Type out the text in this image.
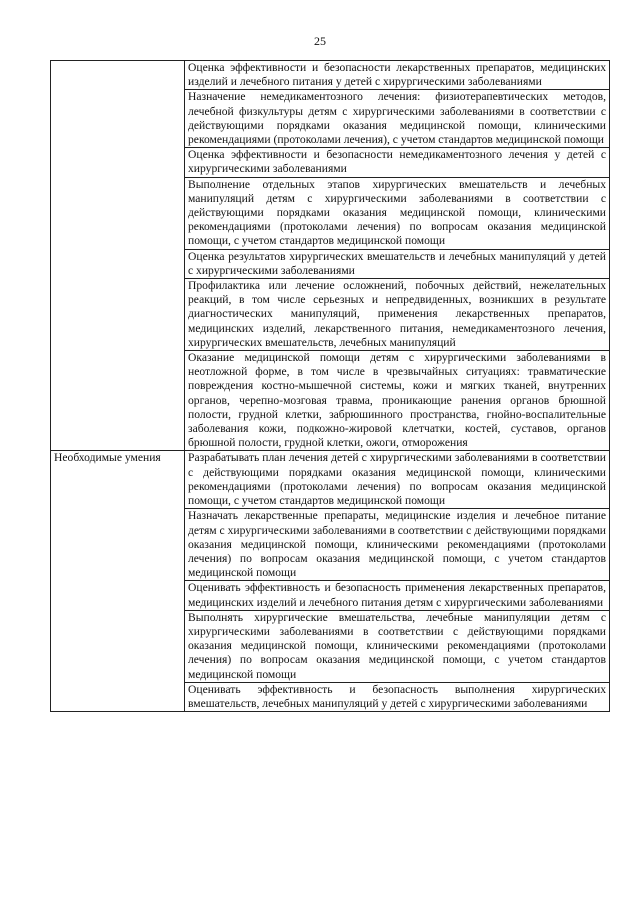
25
	Оценка эффективности и безопасности лекарственных препаратов, медицинских изделий и лечебного питания у детей с хирургическими заболеваниями
	Назначение немедикаментозного лечения: физиотерапевтических методов, лечебной физкультуры детям с хирургическими заболеваниями в соответствии с действующими порядками оказания медицинской помощи, клиническими рекомендациями (протоколами лечения), с учетом стандартов медицинской помощи
	Оценка эффективности и безопасности немедикаментозного лечения у детей с хирургическими заболеваниями
	Выполнение отдельных этапов хирургических вмешательств и лечебных манипуляций детям с хирургическими заболеваниями в соответствии с действующими порядками оказания медицинской помощи, клиническими рекомендациями (протоколами лечения) по вопросам оказания медицинской помощи, с учетом стандартов медицинской помощи
	Оценка результатов хирургических вмешательств и лечебных манипуляций у детей с хирургическими заболеваниями
	Профилактика или лечение осложнений, побочных действий, нежелательных реакций, в том числе серьезных и непредвиденных, возникших в результате диагностических манипуляций, применения лекарственных препаратов, медицинских изделий, лекарственного питания, немедикаментозного лечения, хирургических вмешательств, лечебных манипуляций
	Оказание медицинской помощи детям с хирургическими заболеваниями в неотложной форме, в том числе в чрезвычайных ситуациях: травматические повреждения костно-мышечной системы, кожи и мягких тканей, внутренних органов, черепно-мозговая травма, проникающие ранения органов брюшной полости, грудной клетки, забрюшинного пространства, гнойно-воспалительные заболевания кожи, подкожно-жировой клетчатки, костей, суставов, органов брюшной полости, грудной клетки, ожоги, отморожения
Необходимые умения	Разрабатывать план лечения детей с хирургическими заболеваниями в соответствии с действующими порядками оказания медицинской помощи, клиническими рекомендациями (протоколами лечения) по вопросам оказания медицинской помощи, с учетом стандартов медицинской помощи
	Назначать лекарственные препараты, медицинские изделия и лечебное питание детям с хирургическими заболеваниями в соответствии с действующими порядками оказания медицинской помощи, клиническими рекомендациями (протоколами лечения) по вопросам оказания медицинской помощи, с учетом стандартов медицинской помощи
	Оценивать эффективность и безопасность применения лекарственных препаратов, медицинских изделий и лечебного питания детям с хирургическими заболеваниями
	Выполнять хирургические вмешательства, лечебные манипуляции детям с хирургическими заболеваниями в соответствии с действующими порядками оказания медицинской помощи, клиническими рекомендациями (протоколами лечения) по вопросам оказания медицинской помощи, с учетом стандартов медицинской помощи
	Оценивать эффективность и безопасность выполнения хирургических вмешательств, лечебных манипуляций у детей с хирургическими заболеваниями
